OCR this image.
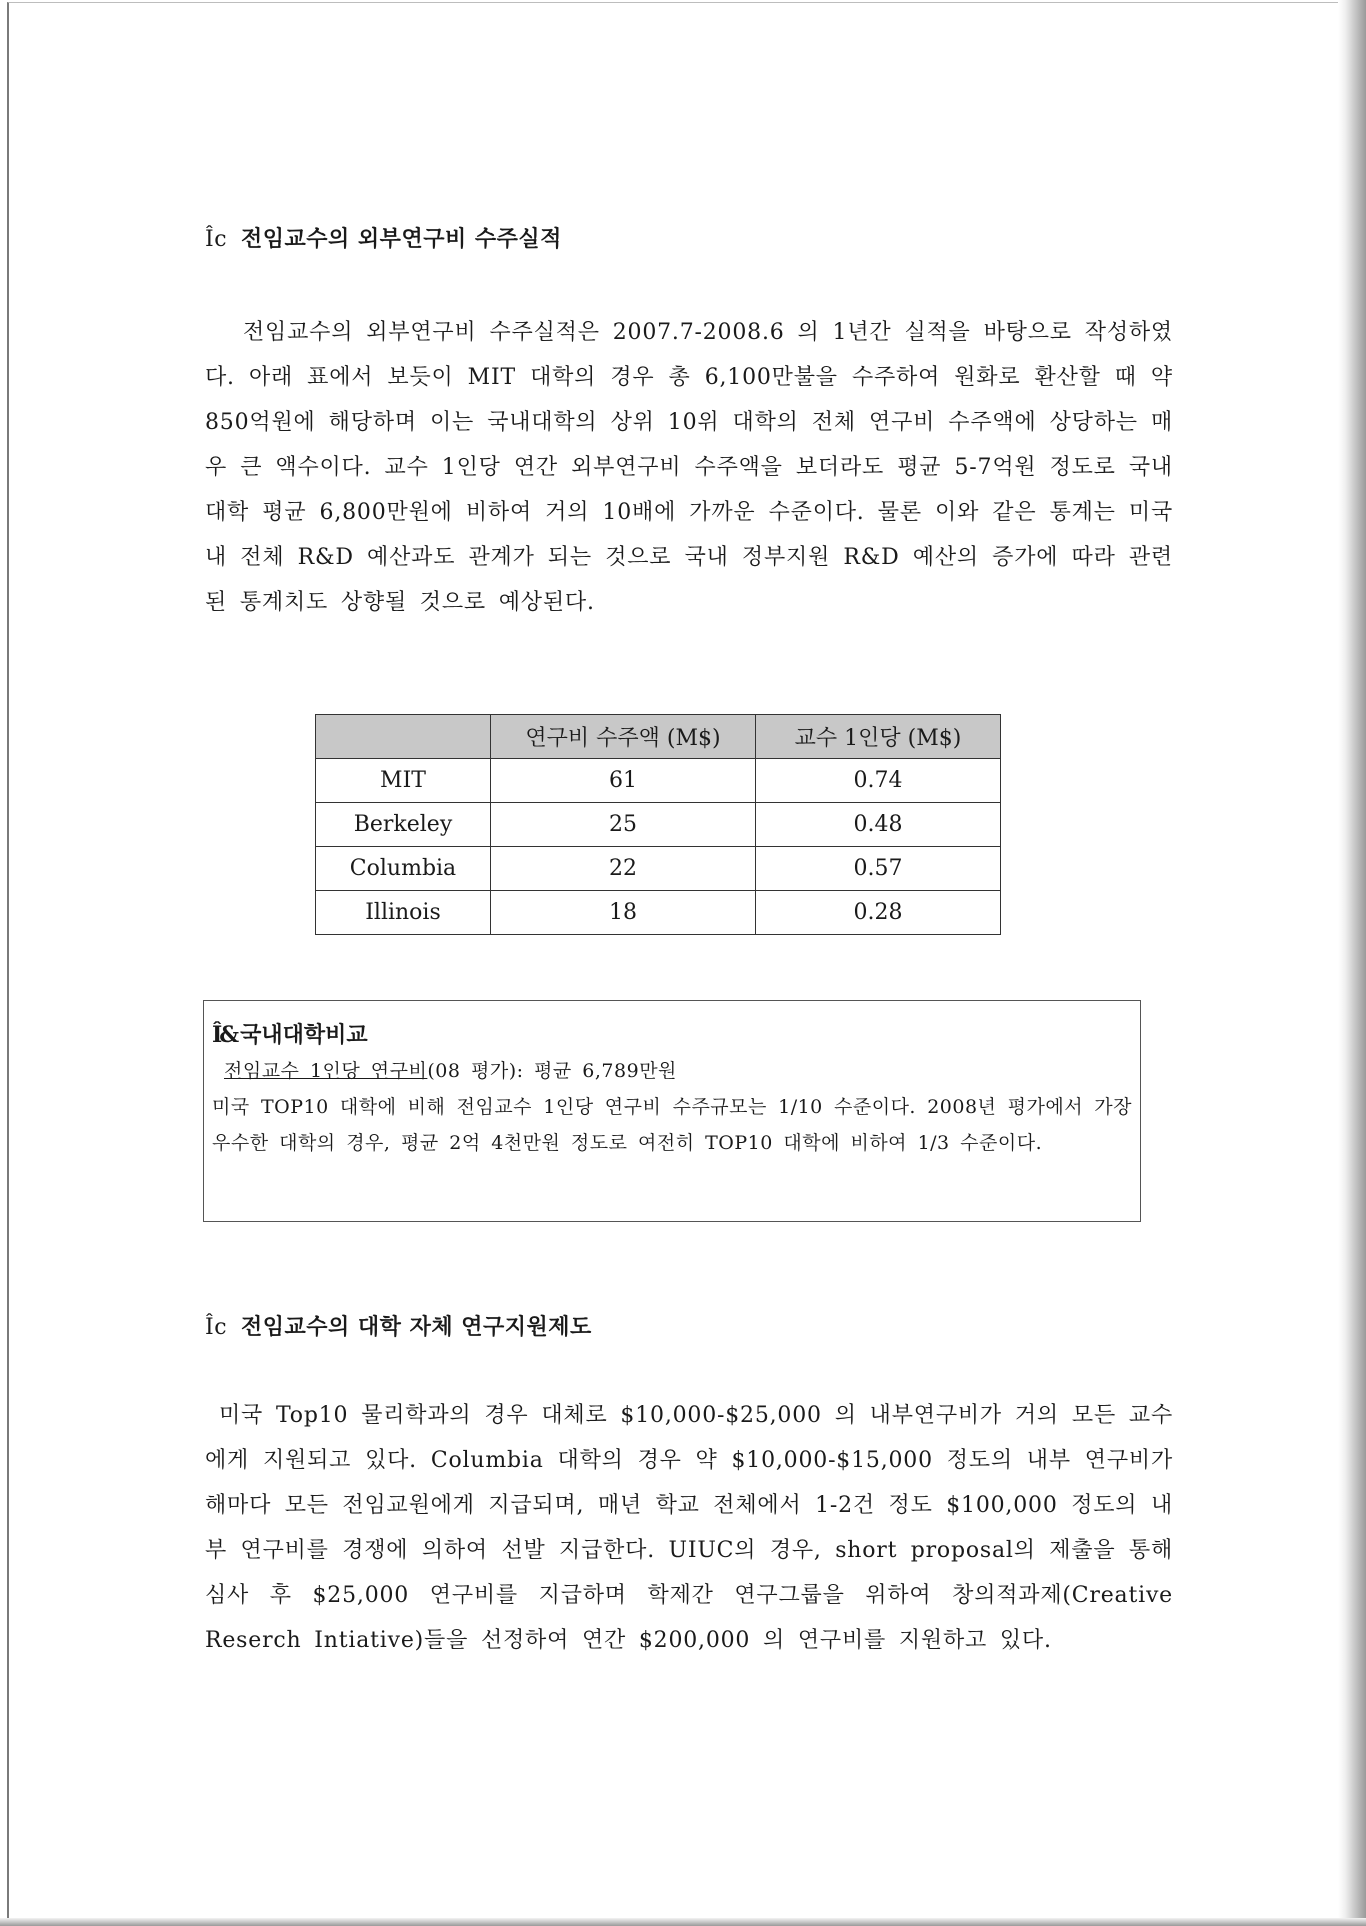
Îc 전임교수의 외부연구비 수주실적

전임교수의 외부연구비 수주실적은 2007.7-2008.6 의 1년간 실적을 바탕으로 작성하였다. 아래 표에서 보듯이 MIT 대학의 경우 총 6,100만불을 수주하여 원화로 환산할 때 약 850억원에 해당하며 이는 국내대학의 상위 10위 대학의 전체 연구비 수주액에 상당하는 매우 큰 액수이다. 교수 1인당 연간 외부연구비 수주액을 보더라도 평균 5-7억원 정도로 국내 대학 평균 6,800만원에 비하여 거의 10배에 가까운 수준이다. 물론 이와 같은 통계는 미국 내 전체 R&D 예산과도 관계가 되는 것으로 국내 정부지원 R&D 예산의 증가에 따라 관련된 통계치도 상향될 것으로 예상된다.

	연구비 수주액 (M$)	교수 1인당 (M$)
MIT	61	0.74
Berkeley	25	0.48
Columbia	22	0.57
Illinois	18	0.28
Î& 국내대학비교
전임교수 1인당 연구비(08 평가): 평균 6,789만원

미국 TOP10 대학에 비해 전임교수 1인당 연구비 수주규모는 1/10 수준이다. 2008년 평가에서 가장 우수한 대학의 경우, 평균 2억 4천만원 정도로 여전히 TOP10 대학에 비하여 1/3 수준이다.

Îc 전임교수의 대학 자체 연구지원제도

미국 Top10 물리학과의 경우 대체로 $10,000-$25,000 의 내부연구비가 거의 모든 교수에게 지원되고 있다. Columbia 대학의 경우 약 $10,000-$15,000 정도의 내부 연구비가 해마다 모든 전임교원에게 지급되며, 매년 학교 전체에서 1-2건 정도 $100,000 정도의 내부 연구비를 경쟁에 의하여 선발 지급한다. UIUC의 경우, short proposal의 제출을 통해 심사 후 $25,000 연구비를 지급하며 학제간 연구그룹을 위하여 창의적과제(Creative Reserch Intiative)들을 선정하여 연간 $200,000 의 연구비를 지원하고 있다.
